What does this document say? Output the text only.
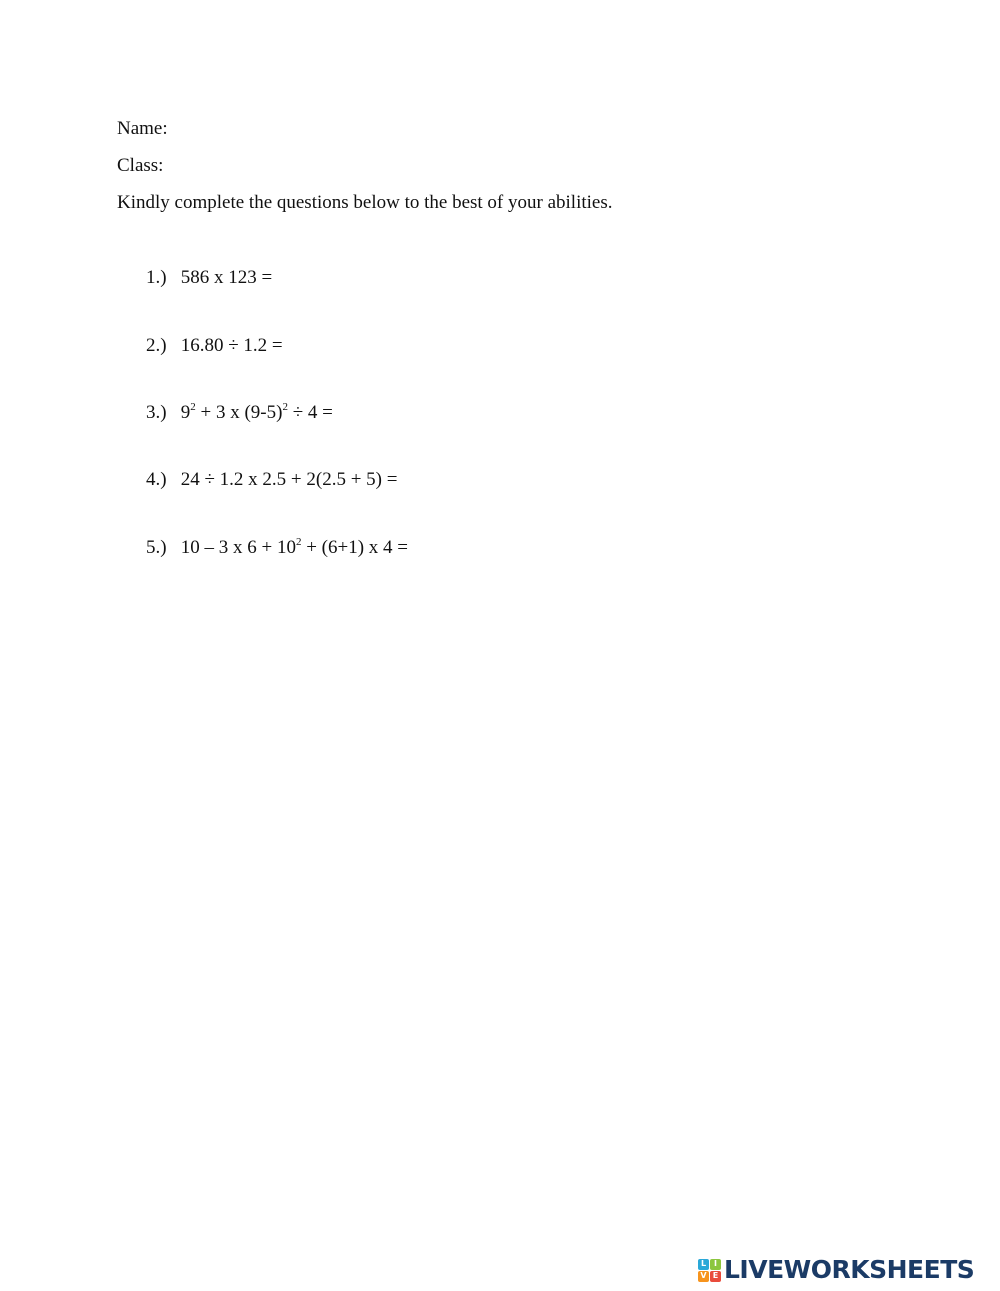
Name:
Class:
Kindly complete the questions below to the best of your abilities.
1.) 586 x 123 =
2.) 16.80 ÷ 1.2 =
3.) $9^2 + 3$ x $(9-5)^2 \div 4$ =
4.) 24 ÷ 1.2 x 2.5 + 2(2.5 + 5) =
5.) 10 – 3 x $6 + 10^2 + (6+1)$ x 4 =
L I
V E LIVEWORKSHEETS
